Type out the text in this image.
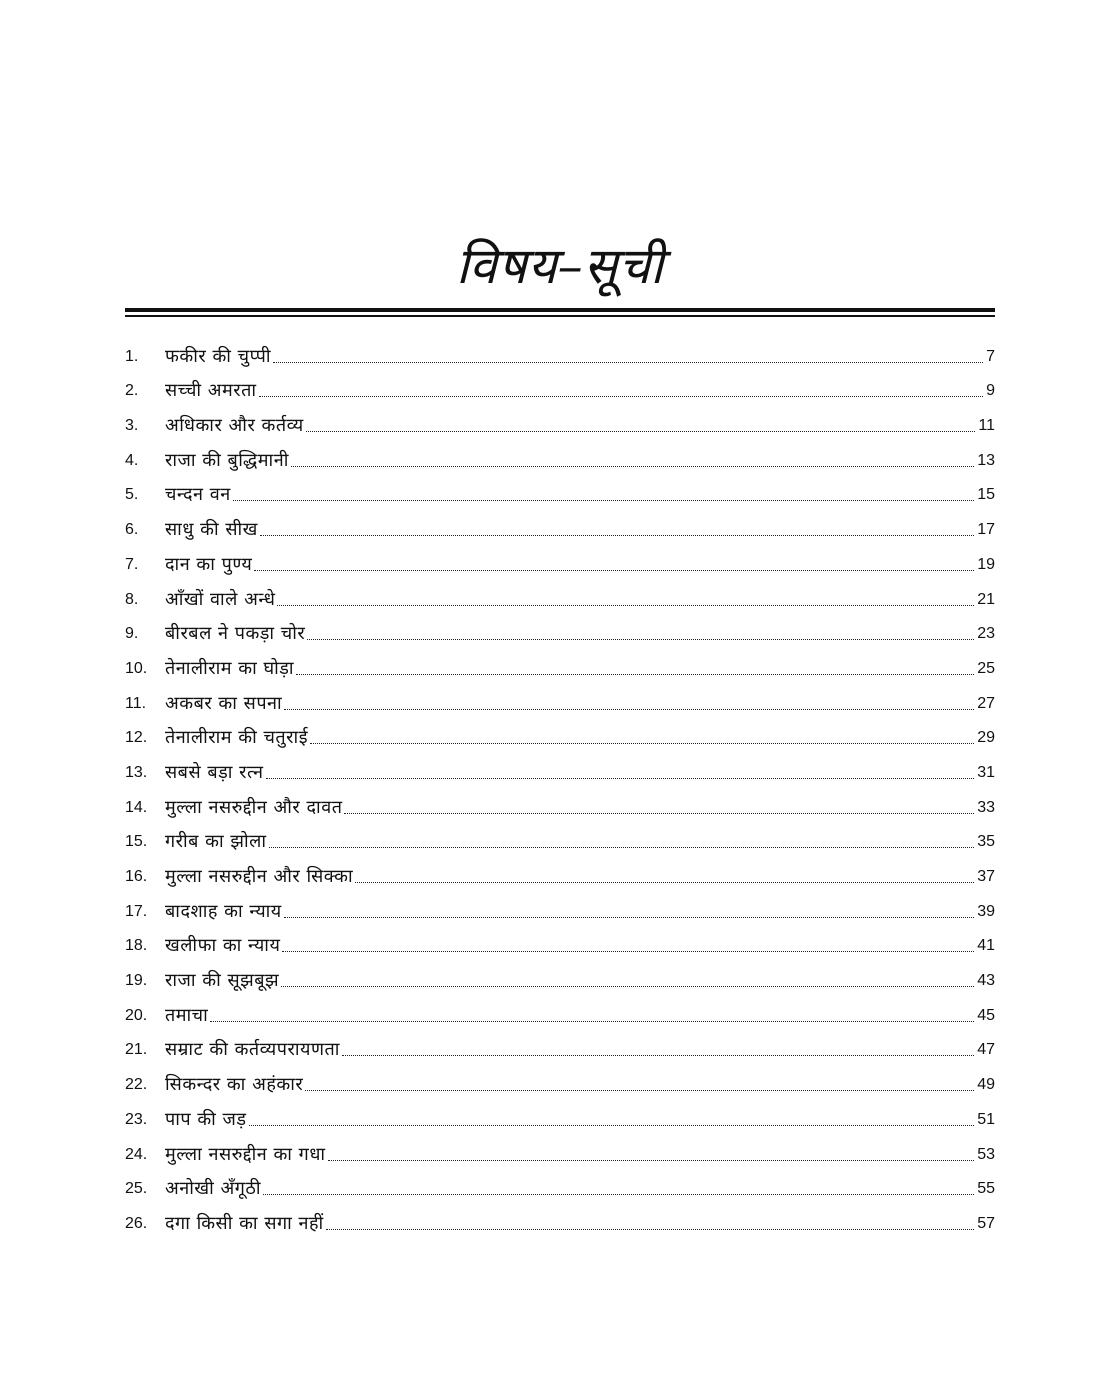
विषय–सूची
1.	फकीर की चुप्पी	7
2.	सच्ची अमरता	9
3.	अधिकार और कर्तव्य	11
4.	राजा की बुद्धिमानी	13
5.	चन्दन वन	15
6.	साधु की सीख	17
7.	दान का पुण्य	19
8.	आँखों वाले अन्धे	21
9.	बीरबल ने पकड़ा चोर	23
10. तेनालीराम का घोड़ा	25
11.	अकबर का सपना	27
12. तेनालीराम की चतुराई	29
13. सबसे बड़ा रत्न	31
14. मुल्ला नसरुद्दीन और दावत	33
15. गरीब का झोला	35
16. मुल्ला नसरुद्दीन और सिक्का	37
17. बादशाह का न्याय	39
18. खलीफा का न्याय	41
19. राजा की सूझबूझ	43
20. तमाचा	45
21. सम्राट की कर्तव्यपरायणता	47
22. सिकन्दर का अहंकार	49
23. पाप की जड़	51
24. मुल्ला नसरुद्दीन का गधा	53
25. अनोखी अँगूठी	55
26. दगा किसी का सगा नहीं	57
